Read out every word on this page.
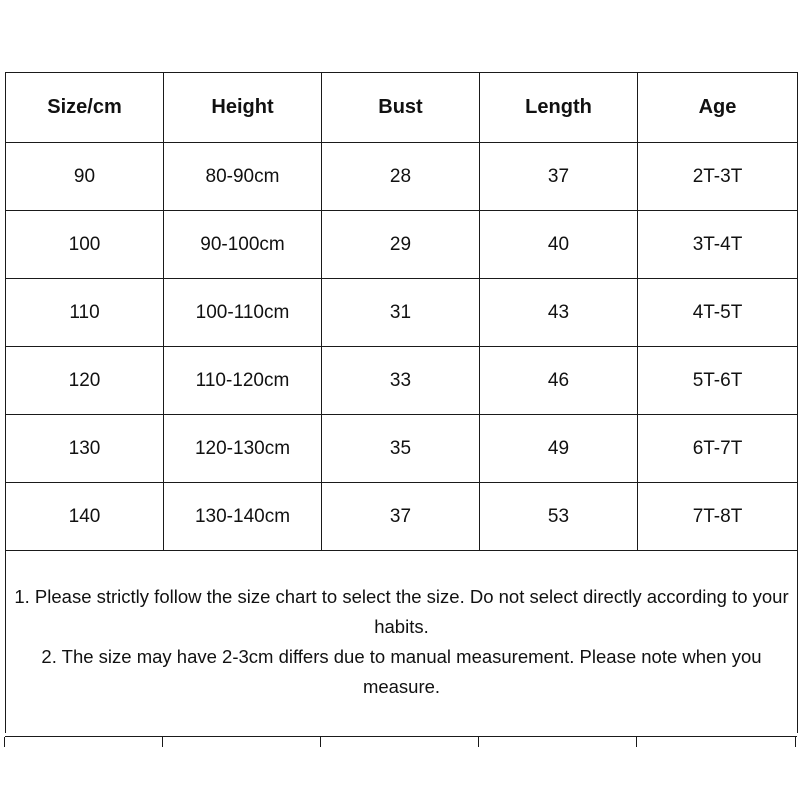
Size/cm	Height	Bust	Length	Age
90	80-90cm	28	37	2T-3T
100	90-100cm	29	40	3T-4T
110	100-110cm	31	43	4T-5T
120	110-120cm	33	46	5T-6T
130	120-130cm	35	49	6T-7T
140	130-140cm	37	53	7T-8T

1. Please strictly follow the size chart to select the size. Do not select directly according to your habits.
2. The size may have 2-3cm differs due to manual measurement. Please note when you measure.				
